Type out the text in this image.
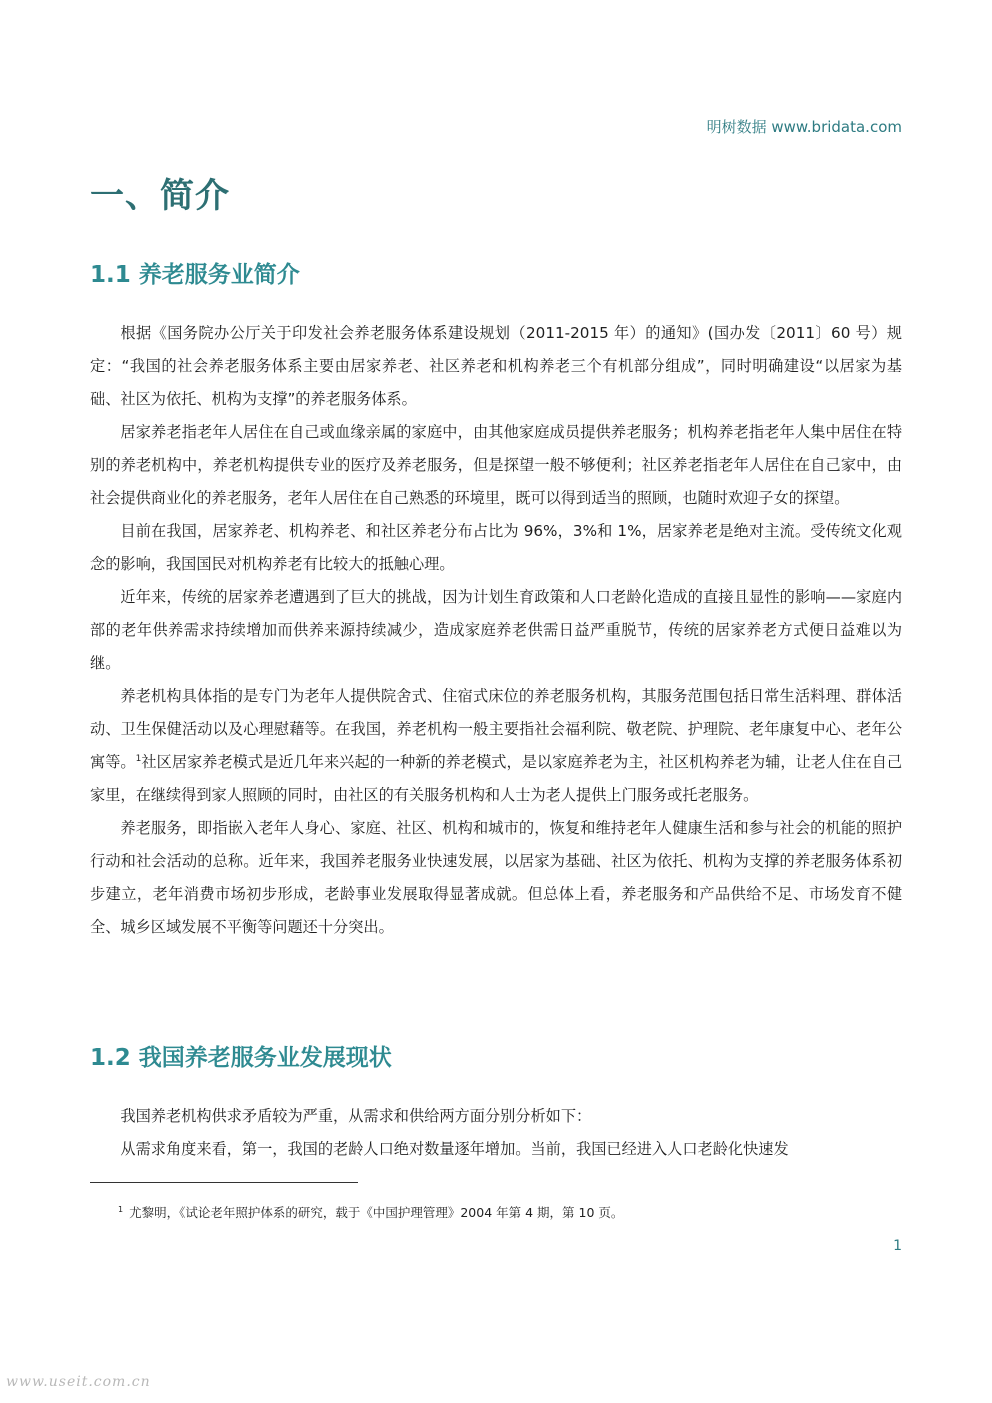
明树数据 www.bridata.com
一、简介
1.1 养老服务业简介

根据《国务院办公厅关于印发社会养老服务体系建设规划（2011-2015 年）的通知》(国办发〔2011〕60 号）规定：“我国的社会养老服务体系主要由居家养老、社区养老和机构养老三个有机部分组成”，同时明确建设“以居家为基础、社区为依托、机构为支撑”的养老服务体系。

居家养老指老年人居住在自己或血缘亲属的家庭中，由其他家庭成员提供养老服务；机构养老指老年人集中居住在特别的养老机构中，养老机构提供专业的医疗及养老服务，但是探望一般不够便利；社区养老指老年人居住在自己家中，由社会提供商业化的养老服务，老年人居住在自己熟悉的环境里，既可以得到适当的照顾，也随时欢迎子女的探望。

目前在我国，居家养老、机构养老、和社区养老分布占比为 96%，3%和 1%，居家养老是绝对主流。受传统文化观念的影响，我国国民对机构养老有比较大的抵触心理。

近年来，传统的居家养老遭遇到了巨大的挑战，因为计划生育政策和人口老龄化造成的直接且显性的影响——家庭内部的老年供养需求持续增加而供养来源持续减少，造成家庭养老供需日益严重脱节，传统的居家养老方式便日益难以为继。

养老机构具体指的是专门为老年人提供院舍式、住宿式床位的养老服务机构，其服务范围包括日常生活料理、群体活动、卫生保健活动以及心理慰藉等。在我国，养老机构一般主要指社会福利院、敬老院、护理院、老年康复中心、老年公寓等。$^1$社区居家养老模式是近几年来兴起的一种新的养老模式，是以家庭养老为主，社区机构养老为辅，让老人住在自己家里，在继续得到家人照顾的同时，由社区的有关服务机构和人士为老人提供上门服务或托老服务。

养老服务，即指嵌入老年人身心、家庭、社区、机构和城市的，恢复和维持老年人健康生活和参与社会的机能的照护行动和社会活动的总称。近年来，我国养老服务业快速发展，以居家为基础、社区为依托、机构为支撑的养老服务体系初步建立，老年消费市场初步形成，老龄事业发展取得显著成就。但总体上看，养老服务和产品供给不足、市场发育不健全、城乡区域发展不平衡等问题还十分突出。

1.2 我国养老服务业发展现状

我国养老机构供求矛盾较为严重，从需求和供给两方面分别分析如下：

从需求角度来看，第一，我国的老龄人口绝对数量逐年增加。当前，我国已经进入人口老龄化快速发

$^1$ 尤黎明，《试论老年照护体系的研究，载于《中国护理管理》2004 年第 4 期，第 10 页。
1
www.useit.com.cn
